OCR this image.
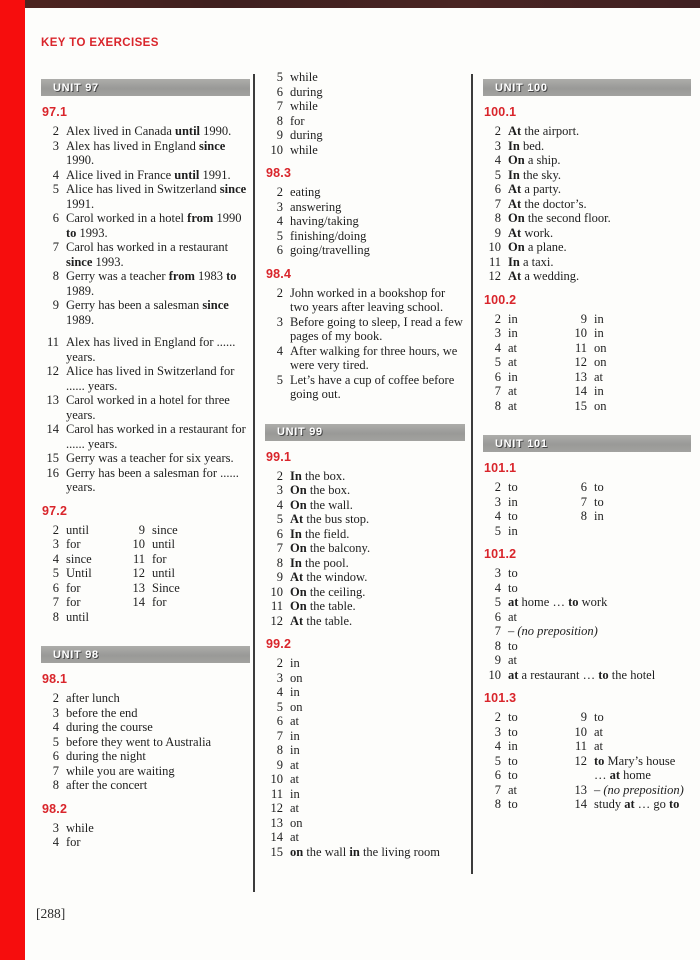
KEY TO EXERCISES
UNIT 97
97.1
2 Alex lived in Canada until 1990.
3 Alex has lived in England since 1990.
4 Alice lived in France until 1991.
5 Alice has lived in Switzerland since 1991.
6 Carol worked in a hotel from 1990 to 1993.
7 Carol has worked in a restaurant since 1993.
8 Gerry was a teacher from 1983 to 1989.
9 Gerry has been a salesman since 1989.
11 Alex has lived in England for ...... years.
12 Alice has lived in Switzerland for ...... years.
13 Carol worked in a hotel for three years.
14 Carol has worked in a restaurant for ...... years.
15 Gerry was a teacher for six years.
16 Gerry has been a salesman for ...... years.
97.2
2 until
3 for
4 since
5 Until
6 for
7 for
8 until
9 since
10 until
11 for
12 until
13 Since
14 for
UNIT 98
98.1
2 after lunch
3 before the end
4 during the course
5 before they went to Australia
6 during the night
7 while you are waiting
8 after the concert
98.2
3 while
4 for
5 while
6 during
7 while
8 for
9 during
10 while
98.3
2 eating
3 answering
4 having/taking
5 finishing/doing
6 going/travelling
98.4
2 John worked in a bookshop for two years after leaving school.
3 Before going to sleep, I read a few pages of my book.
4 After walking for three hours, we were very tired.
5 Let’s have a cup of coffee before going out.
UNIT 99
99.1
2 In the box.
3 On the box.
4 On the wall.
5 At the bus stop.
6 In the field.
7 On the balcony.
8 In the pool.
9 At the window.
10 On the ceiling.
11 On the table.
12 At the table.
99.2
2 in
3 on
4 in
5 on
6 at
7 in
8 in
9 at
10 at
11 in
12 at
13 on
14 at
15 on the wall in the living room
UNIT 100
100.1
2 At the airport.
3 In bed.
4 On a ship.
5 In the sky.
6 At a party.
7 At the doctor’s.
8 On the second floor.
9 At work.
10 On a plane.
11 In a taxi.
12 At a wedding.
100.2
2 in
3 in
4 at
5 at
6 in
7 at
8 at
9 in
10 in
11 on
12 on
13 at
14 in
15 on
UNIT 101
101.1
2 to
3 in
4 to
5 in
6 to
7 to
8 in
101.2
3 to
4 to
5 at home … to work
6 at
7 – (no preposition)
8 to
9 at
10 at a restaurant … to the hotel
101.3
2 to
3 to
4 in
5 to
6 to
7 at
8 to
9 to
10 at
11 at
12 to Mary’s house
… at home
13 – (no preposition)
14 study at … go to
[288]
